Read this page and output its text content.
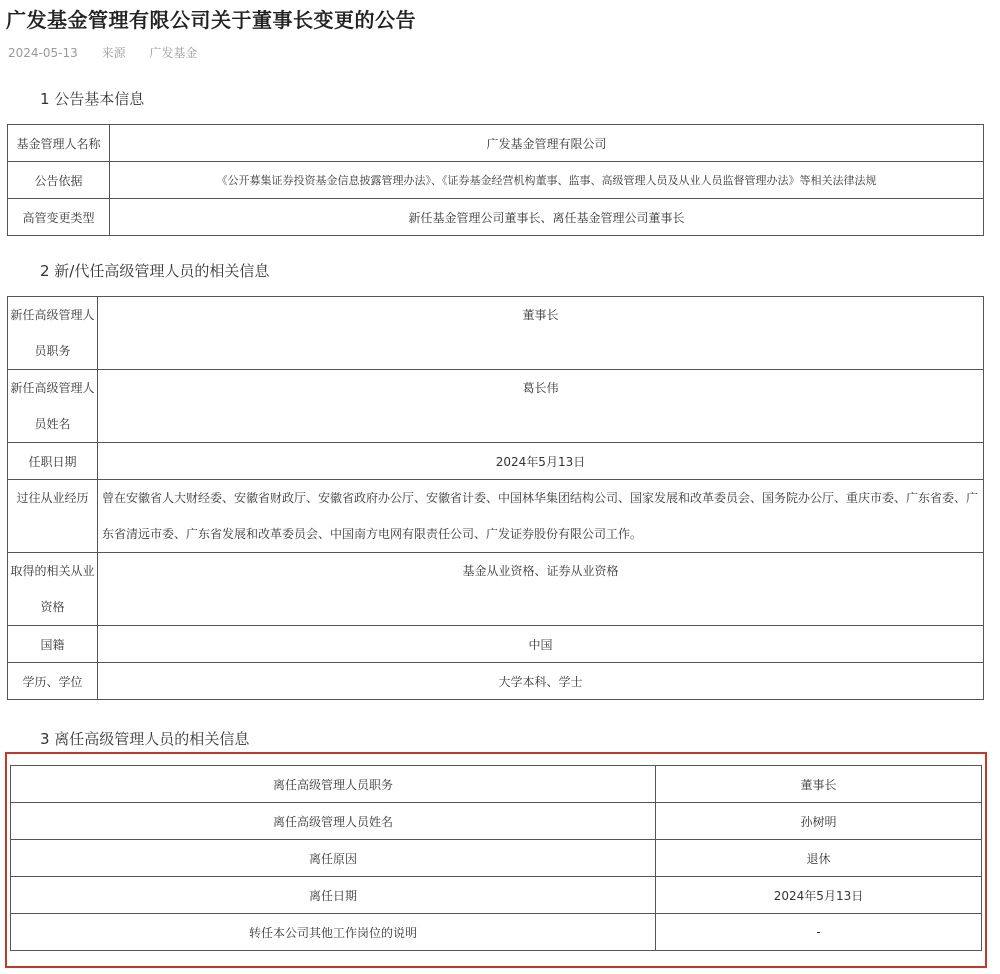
广发基金管理有限公司关于董事长变更的公告
2024-05-13 来源 广发基金
1 公告基本信息
基金管理人名称	广发基金管理有限公司
公告依据	《公开募集证券投资基金信息披露管理办法》、《证券基金经营机构董事、监事、高级管理人员及从业人员监督管理办法》等相关法律法规
高管变更类型	新任基金管理公司董事长、离任基金管理公司董事长
2 新/代任高级管理人员的相关信息
新任高级管理人员职务	董事长
新任高级管理人员姓名	葛长伟
任职日期	2024年5月13日
过往从业经历	曾在安徽省人大财经委、安徽省财政厅、安徽省政府办公厅、安徽省计委、中国林华集团结构公司、国家发展和改革委员会、国务院办公厅、重庆市委、广东省委、广东省清远市委、广东省发展和改革委员会、中国南方电网有限责任公司、广发证券股份有限公司工作。
取得的相关从业资格	基金从业资格、证券从业资格
国籍	中国
学历、学位	大学本科、学士
3 离任高级管理人员的相关信息
离任高级管理人员职务	董事长
离任高级管理人员姓名	孙树明
离任原因	退休
离任日期	2024年5月13日
转任本公司其他工作岗位的说明	-
